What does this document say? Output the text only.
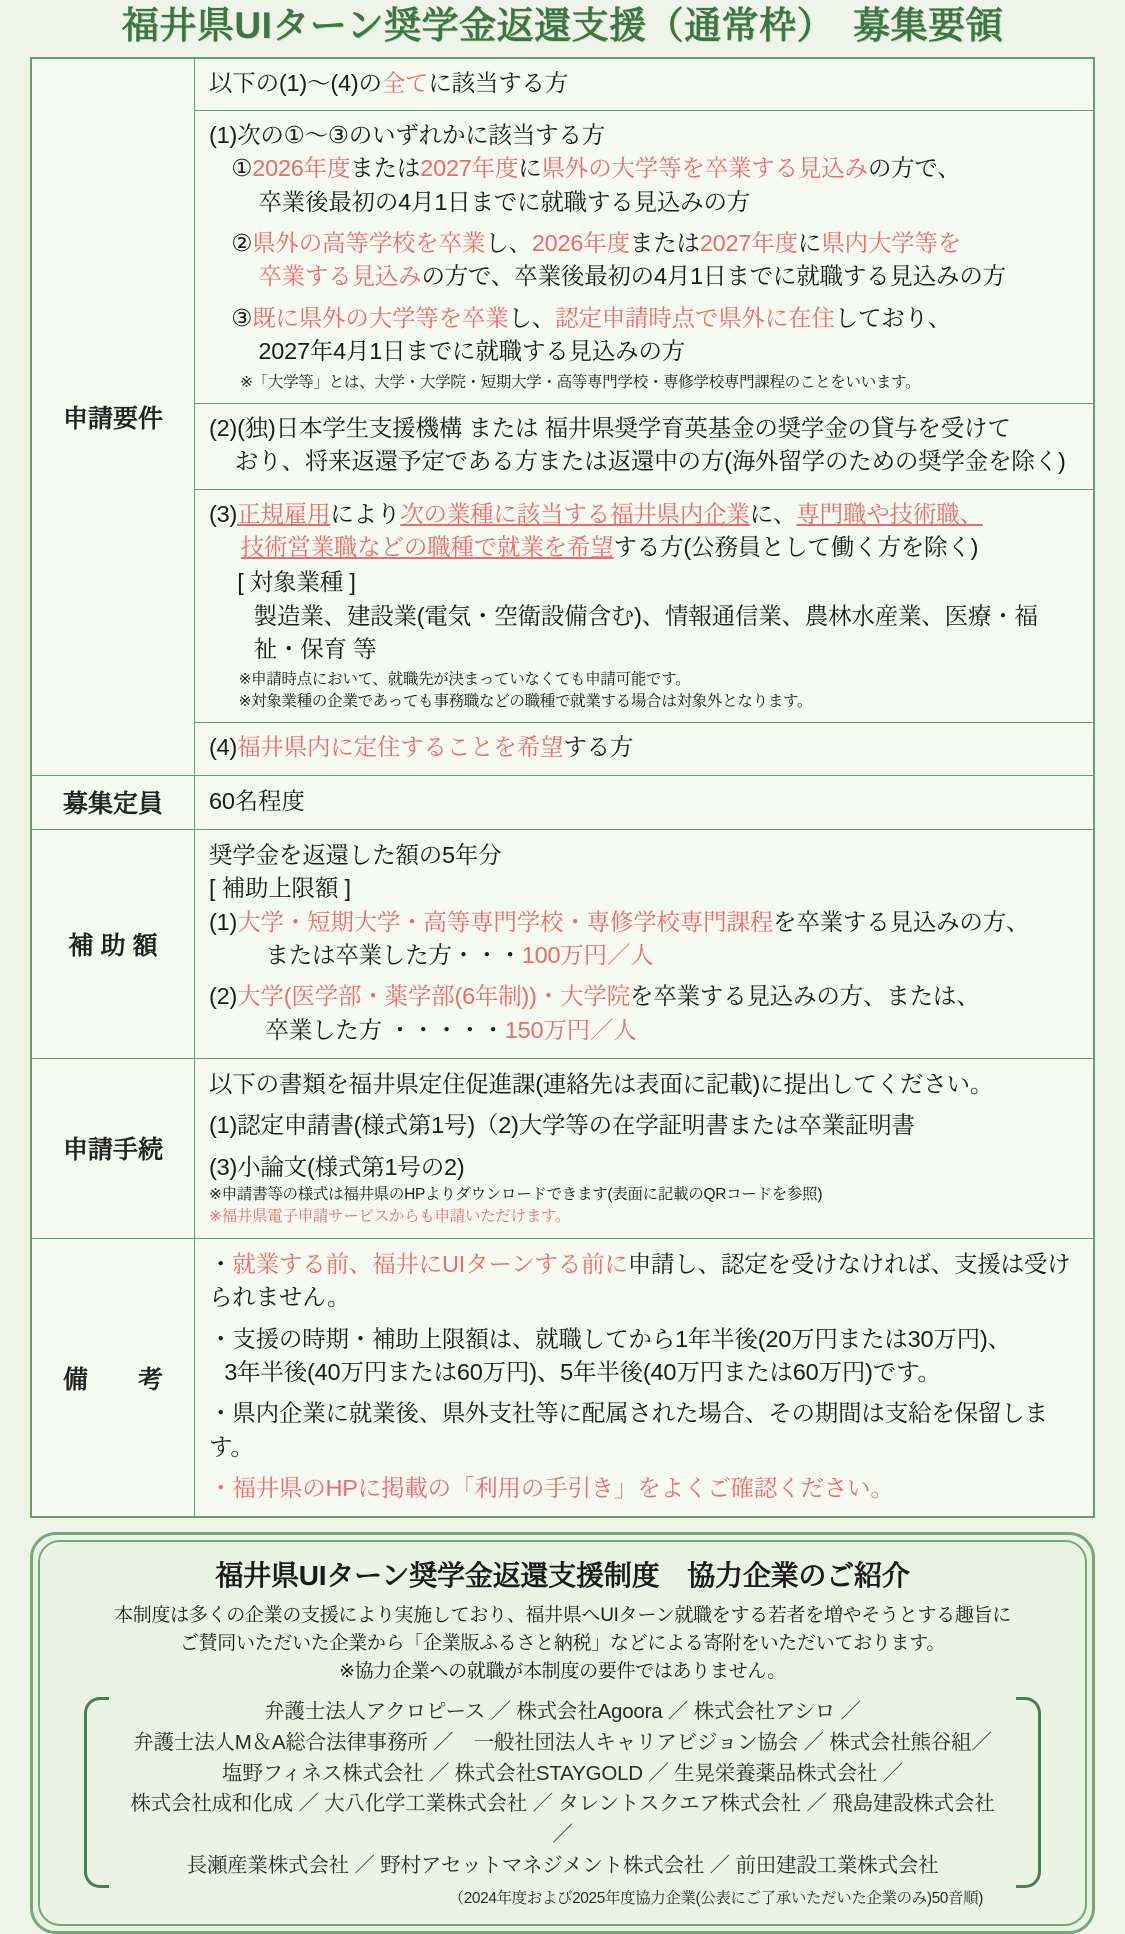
福井県UIターン奨学金返還支援（通常枠）　募集要領
申請要件	
以下の(1)～(4)の全てに該当する方

(1)次の①～③のいずれかに該当する方
①2026年度または2027年度に県外の大学等を卒業する見込みの方で、
卒業後最初の4月1日までに就職する見込みの方
②県外の高等学校を卒業し、2026年度または2027年度に県内大学等を
卒業する見込みの方で、卒業後最初の4月1日までに就職する見込みの方
③既に県外の大学等を卒業し、認定申請時点で県外に在住しており、
2027年4月1日までに就職する見込みの方
※「大学等」とは、大学・大学院・短期大学・高等専門学校・専修学校専門課程のことをいいます。

(2)(独)日本学生支援機構 または 福井県奨学育英基金の奨学金の貸与を受けて
おり、将来返還予定である方または返還中の方(海外留学のための奨学金を除く)

(3)正規雇用により次の業種に該当する福井県内企業に、専門職や技術職、
技術営業職などの職種で就業を希望する方(公務員として働く方を除く)
[ 対象業種 ]
製造業、建設業(電気・空衛設備含む)、情報通信業、農林水産業、医療・福祉・保育 等
※申請時点において、就職先が決まっていなくても申請可能です。
※対象業種の企業であっても事務職などの職種で就業する場合は対象外となります。

(4)福井県内に定住することを希望する方

募集定員	60名程度

補 助 額	
奨学金を返還した額の5年分
[ 補助上限額 ]
(1)大学・短期大学・高等専門学校・専修学校専門課程を卒業する見込みの方、
または卒業した方・・・100万円／人
(2)大学(医学部・薬学部(6年制))・大学院を卒業する見込みの方、または、
卒業した方 ・・・・・150万円／人

申請手続	
以下の書類を福井県定住促進課(連絡先は表面に記載)に提出してください。
(1)認定申請書(様式第1号)（2)大学等の在学証明書または卒業証明書
(3)小論文(様式第1号の2)
※申請書等の様式は福井県のHPよりダウンロードできます(表面に記載のQRコードを参照)
※福井県電子申請サービスからも申請いただけます。

備　　考	
・就業する前、福井にUIターンする前に申請し、認定を受けなければ、支援は受けられません。
・支援の時期・補助上限額は、就職してから1年半後(20万円または30万円)、
3年半後(40万円または60万円)、5年半後(40万円または60万円)です。
・県内企業に就業後、県外支社等に配属された場合、その期間は支給を保留します。
・福井県のHPに掲載の「利用の手引き」をよくご確認ください。
福井県UIターン奨学金返還支援制度　協力企業のご紹介
本制度は多くの企業の支援により実施しており、福井県へUIターン就職をする若者を増やそうとする趣旨に
ご賛同いただいた企業から「企業版ふるさと納税」などによる寄附をいただいております。
※協力企業への就職が本制度の要件ではありません。
弁護士法人アクロピース ／ 株式会社Agoora ／ 株式会社アシロ ／
弁護士法人M＆A総合法律事務所 ／　一般社団法人キャリアビジョン協会 ／ 株式会社熊谷組／
塩野フィネス株式会社 ／ 株式会社STAYGOLD ／ 生晃栄養薬品株式会社 ／
株式会社成和化成 ／ 大八化学工業株式会社 ／ タレントスクエア株式会社 ／ 飛島建設株式会社 ／
長瀬産業株式会社 ／ 野村アセットマネジメント株式会社 ／ 前田建設工業株式会社
（2024年度および2025年度協力企業(公表にご了承いただいた企業のみ)50音順)
